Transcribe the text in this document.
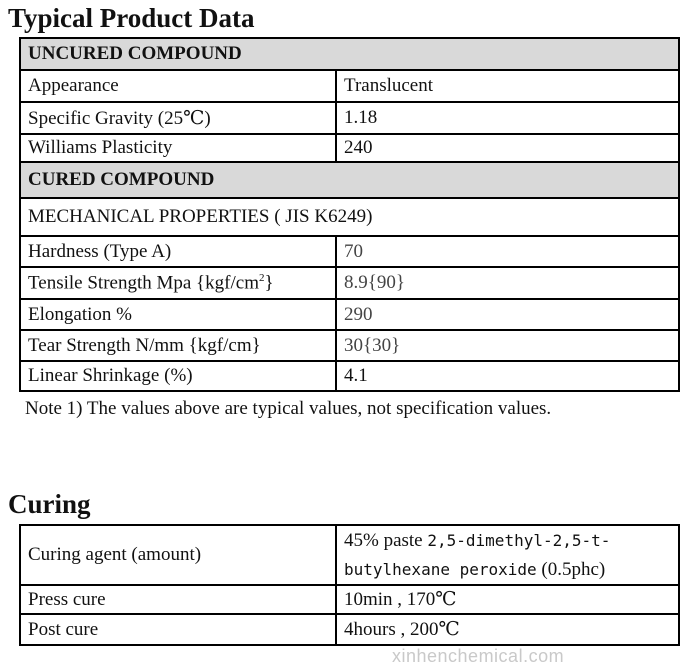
Typical Product Data
UNCURED COMPOUND	
Appearance	Translucent
Specific Gravity (25℃)	1.18
Williams Plasticity	240
CURED COMPOUND	
MECHANICAL PROPERTIES ( JIS K6249)	
Hardness (Type A)	70
Tensile Strength Mpa $\{kgf/cm^2\}$	8.9{90}
Elongation %	290
Tear Strength N/mm {kgf/cm}	30{30}
Linear Shrinkage (%)	4.1
Note 1) The values above are typical values, not specification values.
Curing
Curing agent (amount)	45% paste 2,5-dimethyl-2,5-t-
butylhexane peroxide (0.5phc)
Press cure	10min , 170℃
Post cure	4hours , 200℃
xinhenchemical.com
